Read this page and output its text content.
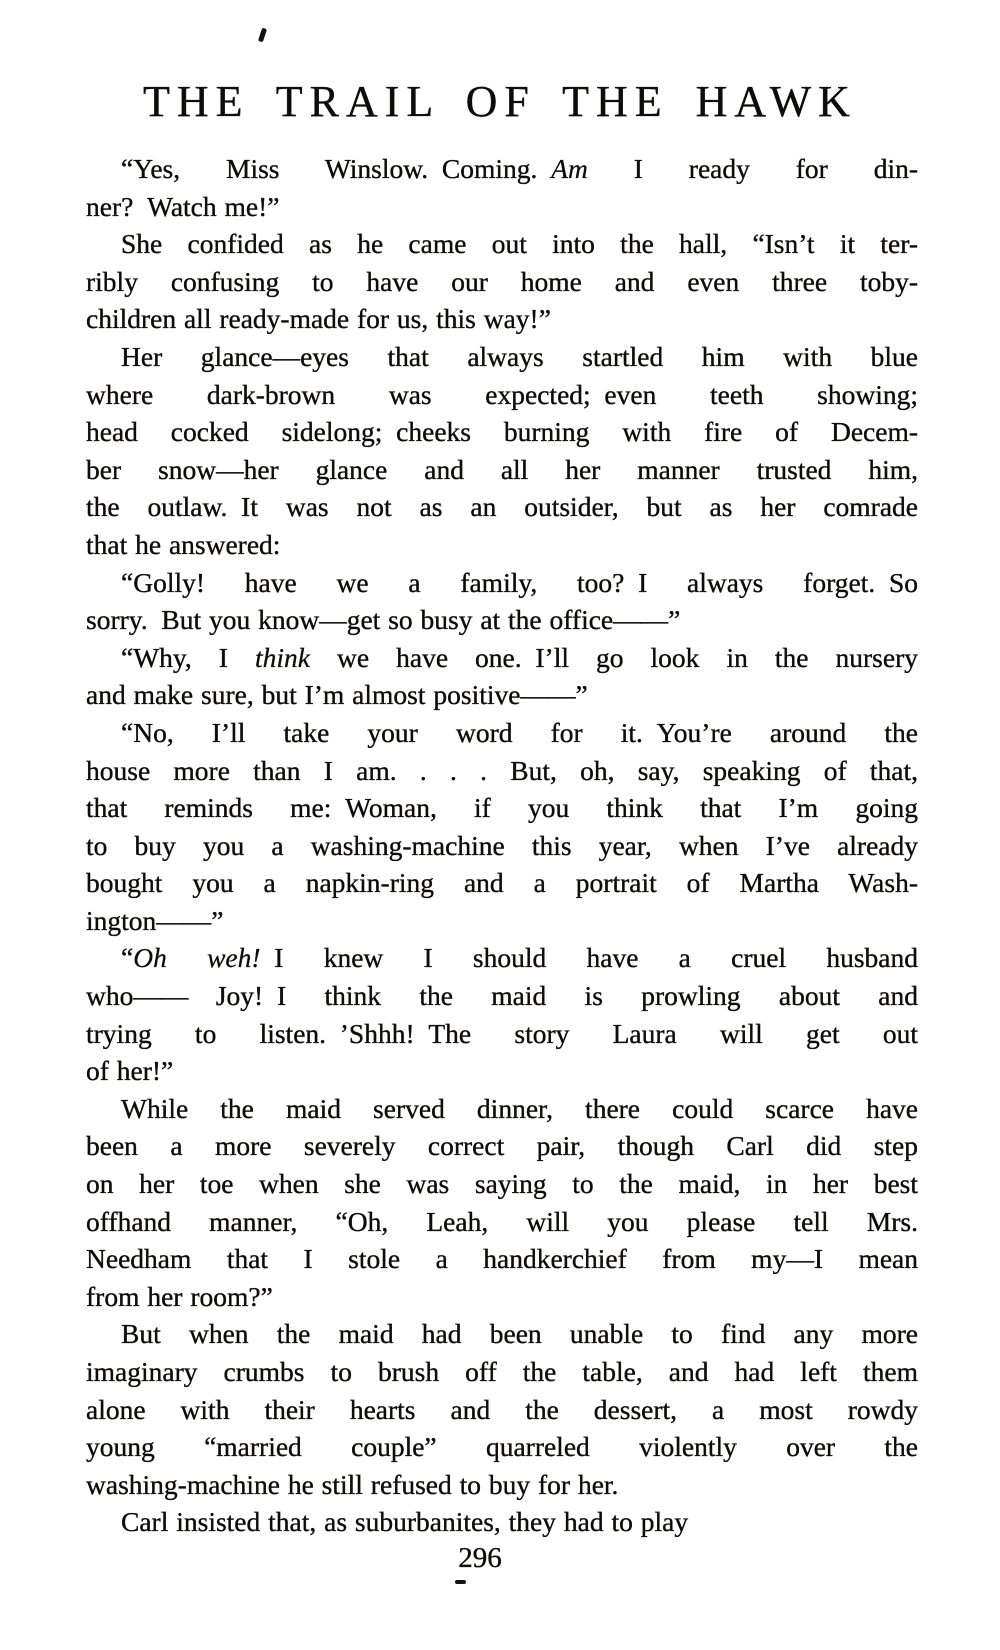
THE TRAIL OF THE HAWK
“Yes, Miss Winslow. Coming. Am I ready for din-
ner? Watch me!”
She confided as he came out into the hall, “Isn’t it ter-
ribly confusing to have our home and even three toby-
children all ready-made for us, this way!”
Her glance—eyes that always startled him with blue
where dark-brown was expected; even teeth showing;
head cocked sidelong; cheeks burning with fire of Decem-
ber snow—her glance and all her manner trusted him,
the outlaw. It was not as an outsider, but as her comrade
that he answered:
“Golly! have we a family, too? I always forget. So
sorry. But you know—get so busy at the office——”
“Why, I think we have one. I’ll go look in the nursery
and make sure, but I’m almost positive——”
“No, I’ll take your word for it. You’re around the
house more than I am. . . . But, oh, say, speaking of that,
that reminds me: Woman, if you think that I’m going
to buy you a washing-machine this year, when I’ve already
bought you a napkin-ring and a portrait of Martha Wash-
ington——”
“Oh weh! I knew I should have a cruel husband
who—— Joy! I think the maid is prowling about and
trying to listen. ’Shhh! The story Laura will get out
of her!”
While the maid served dinner, there could scarce have
been a more severely correct pair, though Carl did step
on her toe when she was saying to the maid, in her best
offhand manner, “Oh, Leah, will you please tell Mrs.
Needham that I stole a handkerchief from my—I mean
from her room?”
But when the maid had been unable to find any more
imaginary crumbs to brush off the table, and had left them
alone with their hearts and the dessert, a most rowdy
young “married couple” quarreled violently over the
washing-machine he still refused to buy for her.
Carl insisted that, as suburbanites, they had to play
296
